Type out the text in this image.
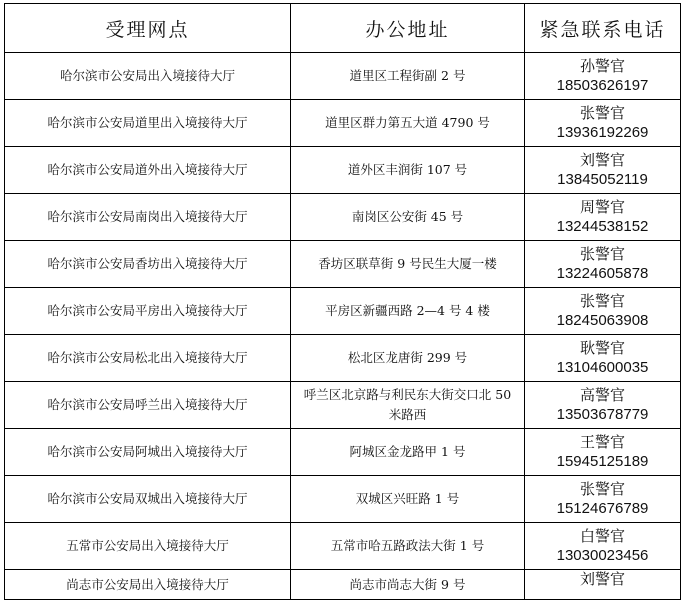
受理网点	办公地址	紧急联系电话
哈尔滨市公安局出入境接待大厅	道里区工程街副 2 号	孙警官
18503626197

哈尔滨市公安局道里出入境接待大厅	道里区群力第五大道 4790 号	张警官
13936192269

哈尔滨市公安局道外出入境接待大厅	道外区丰润街 107 号	刘警官
13845052119

哈尔滨市公安局南岗出入境接待大厅	南岗区公安街 45 号	周警官
13244538152

哈尔滨市公安局香坊出入境接待大厅	香坊区联草街 9 号民生大厦一楼	张警官
13224605878

哈尔滨市公安局平房出入境接待大厅	平房区新疆西路 2—4 号 4 楼	张警官
18245063908

哈尔滨市公安局松北出入境接待大厅	松北区龙唐街 299 号	耿警官
13104600035

哈尔滨市公安局呼兰出入境接待大厅	呼兰区北京路与利民东大街交口北 50 米路西	高警官
13503678779

哈尔滨市公安局阿城出入境接待大厅	阿城区金龙路甲 1 号	王警官
15945125189

哈尔滨市公安局双城出入境接待大厅	双城区兴旺路 1 号	张警官
15124676789

五常市公安局出入境接待大厅	五常市哈五路政法大街 1 号	白警官
13030023456

尚志市公安局出入境接待大厅	尚志市尚志大街 9 号	刘警官
